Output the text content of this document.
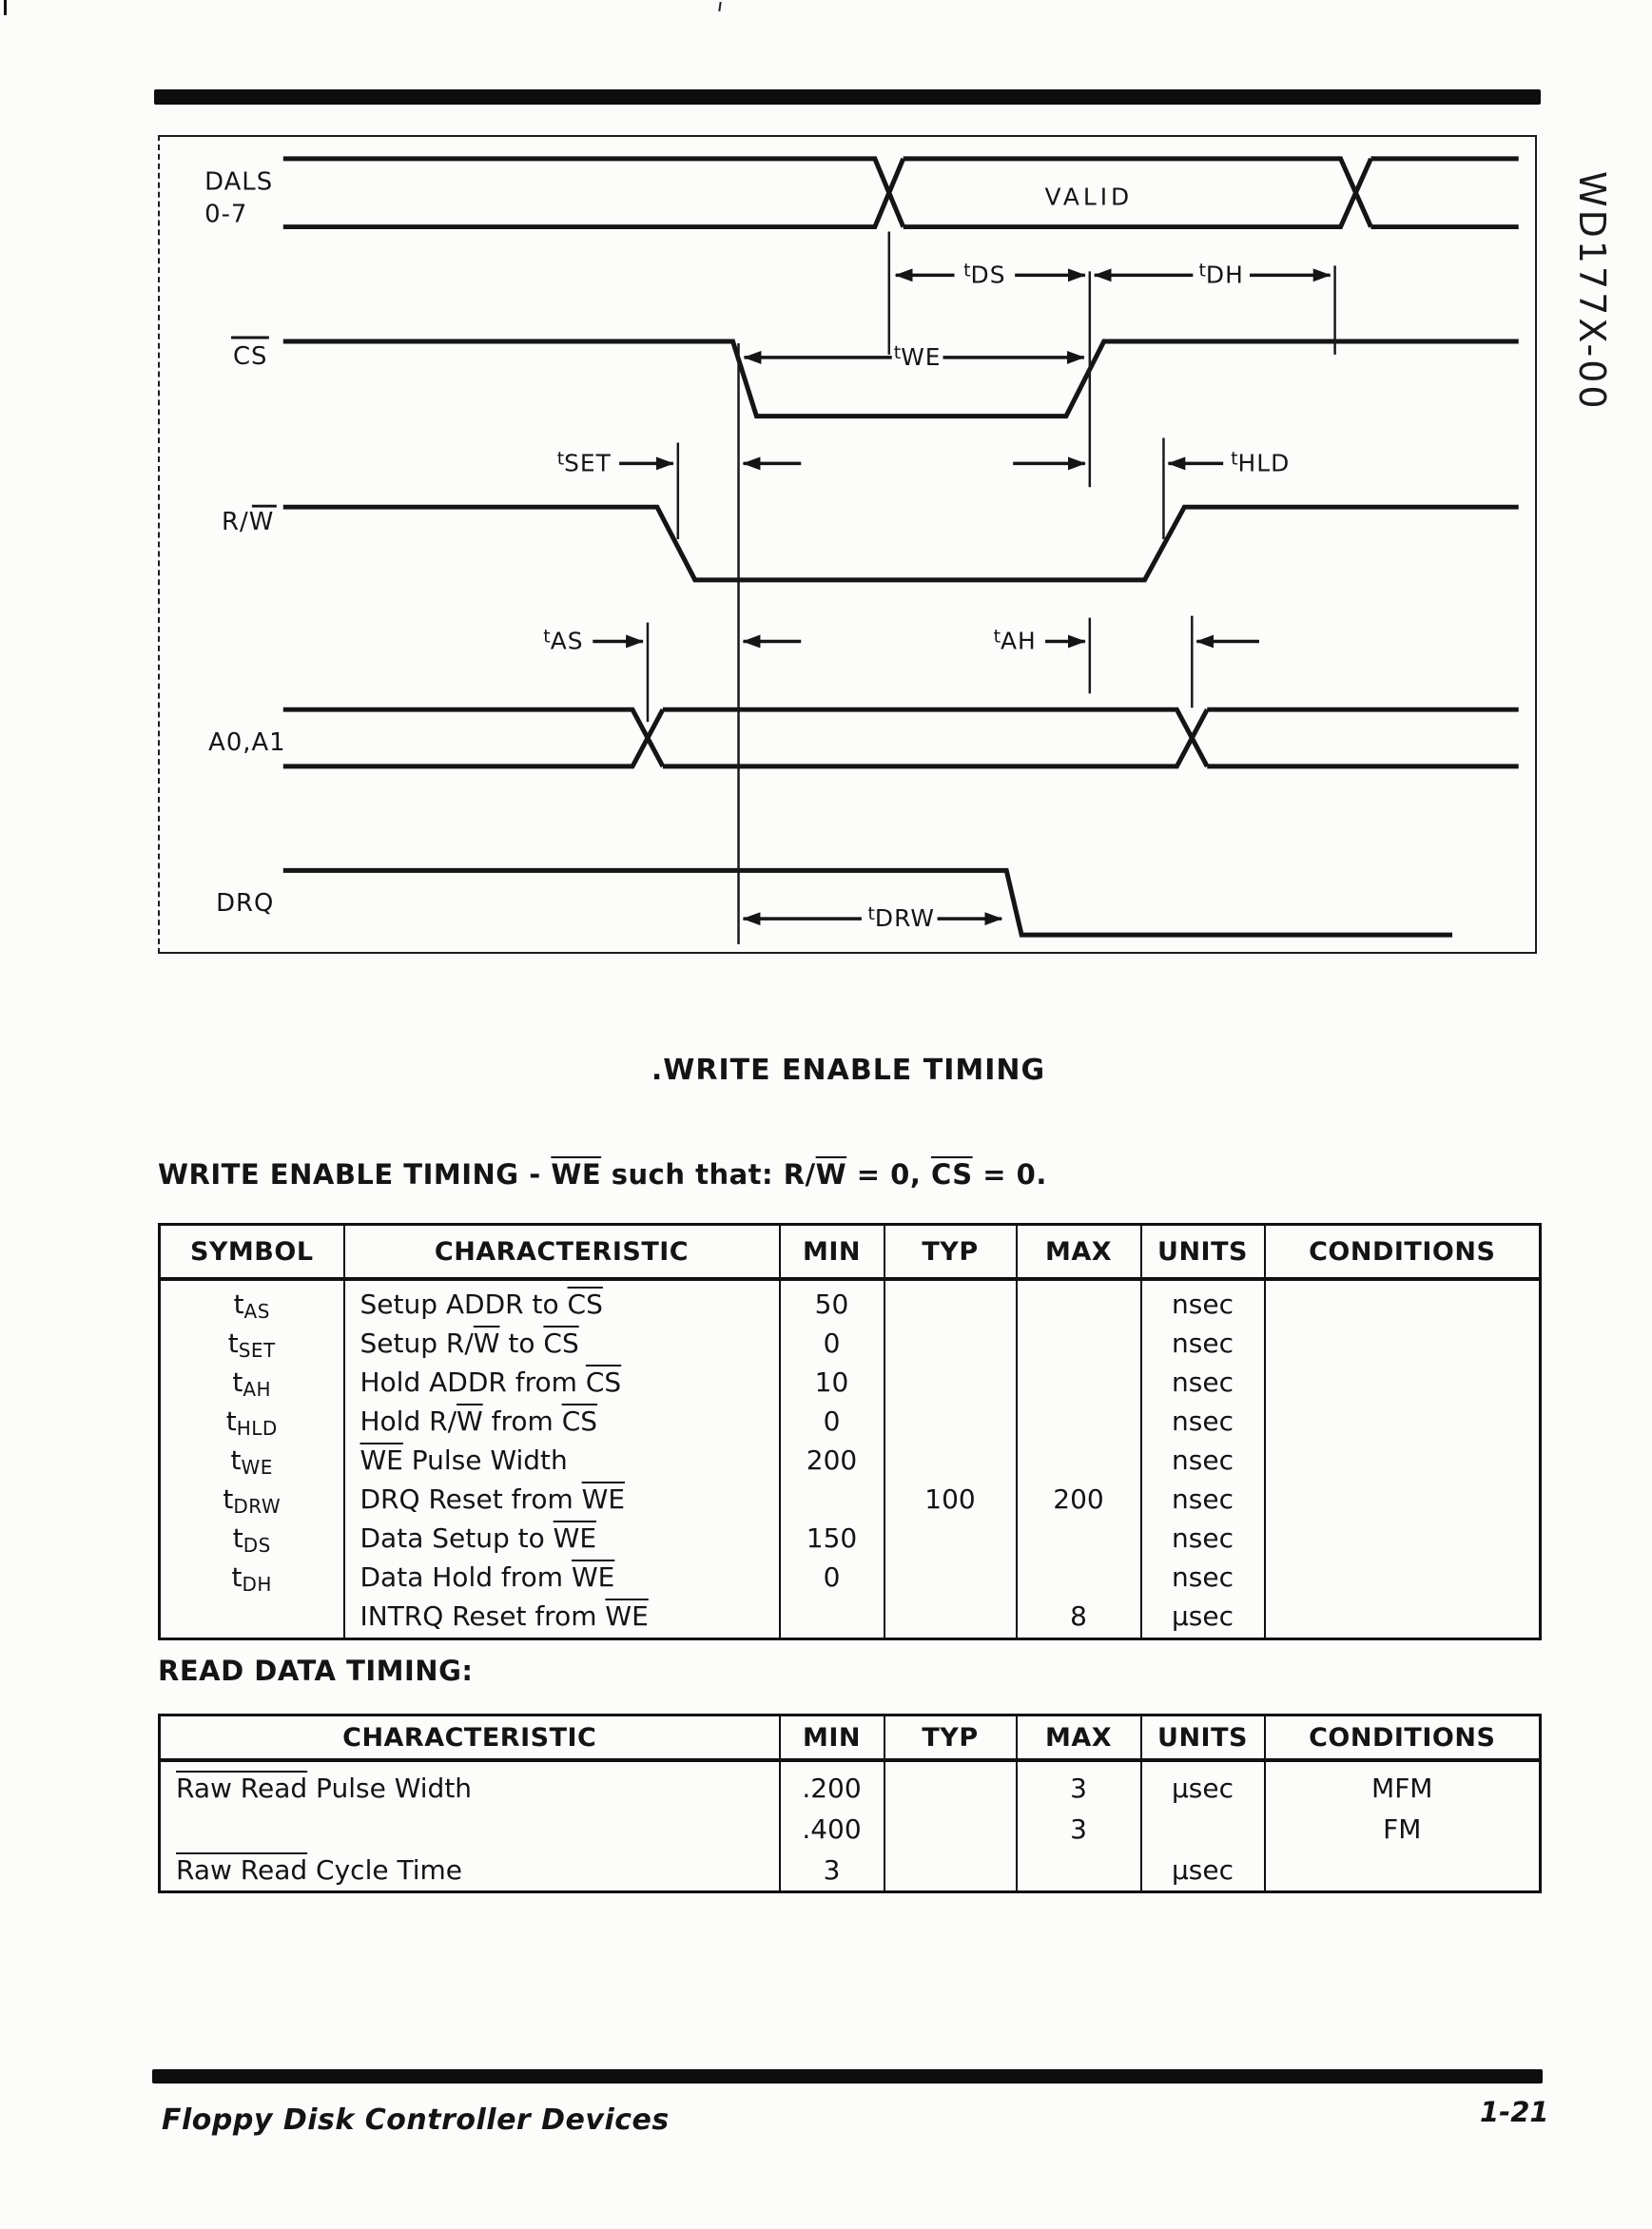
WD177X-00
DALS
0-7
CS
R/W
A0,A1
DRQ
VALID
tDS	tDH
tWE
tSET	tHLD
tAS	tAH
tDRW
.WRITE ENABLE TIMING
WRITE ENABLE TIMING - $\overline{WE}$ such that: $R/\overline{W} = 0$, $\overline{CS} = 0$.
SYMBOL	CHARACTERISTIC	MIN	TYP	MAX	UNITS	CONDITIONS
$t_{AS}$	Setup ADDR to $\overline{CS}$	50			nsec	
$t_{SET}$	Setup $R/\overline{W}$ to $\overline{CS}$	0			nsec	
$t_{AH}$	Hold ADDR from $\overline{CS}$	10			nsec	
$t_{HLD}$	Hold $R/\overline{W}$ from $\overline{CS}$	0			nsec	
$t_{WE}$	$\overline{WE}$ Pulse Width	200			nsec	
$t_{DRW}$	DRQ Reset from $\overline{WE}$		100	200	nsec	
$t_{DS}$	Data Setup to $\overline{WE}$	150			nsec	
$t_{DH}$	Data Hold from $\overline{WE}$	0			nsec	
	INTRQ Reset from $\overline{WE}$			8	μsec	
READ DATA TIMING:
CHARACTERISTIC	MIN	TYP	MAX	UNITS	CONDITIONS
Raw Read Pulse Width	.200		3	μsec	MFM
	.400		3		FM
Raw Read Cycle Time	3			μsec	
Floppy Disk Controller Devices	1-21
